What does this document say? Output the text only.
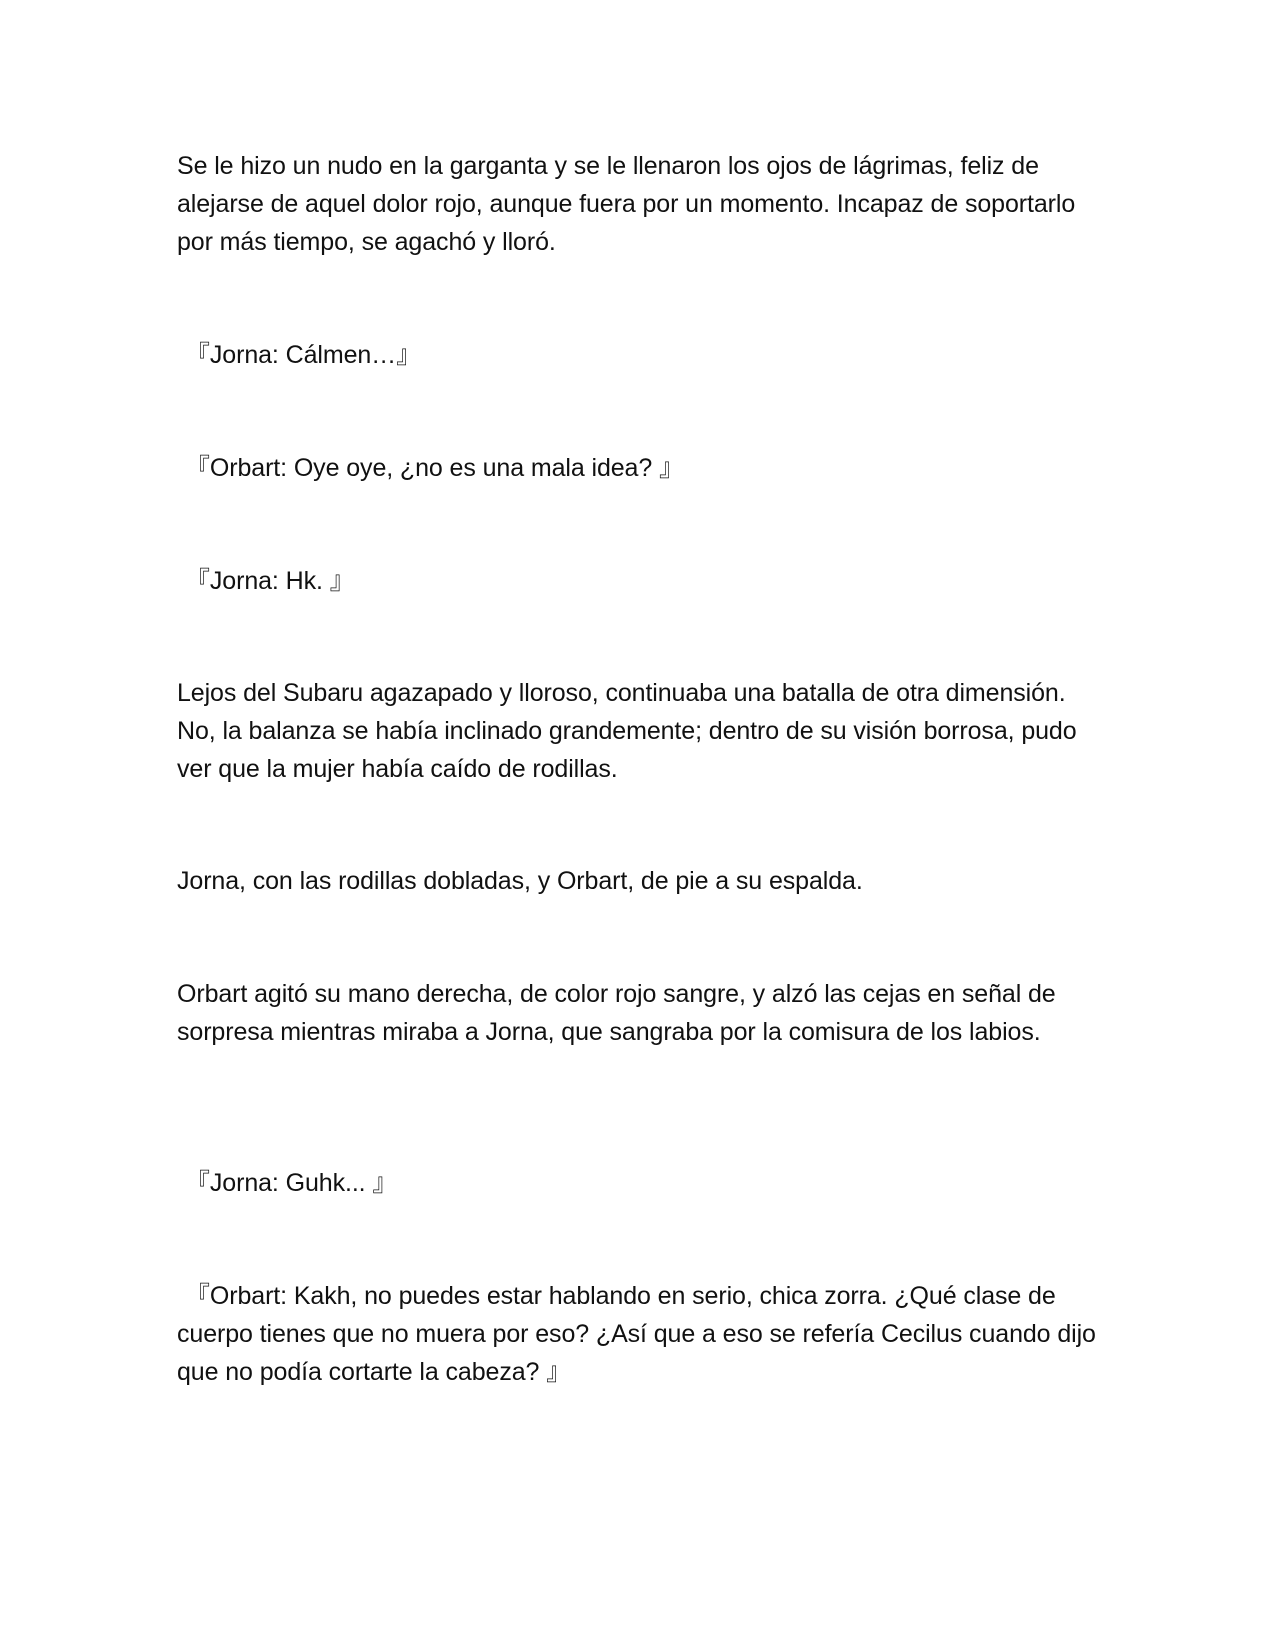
Se le hizo un nudo en la garganta y se le llenaron los ojos de lágrimas, feliz de alejarse de aquel dolor rojo, aunque fuera por un momento. Incapaz de soportarlo por más tiempo, se agachó y lloró.

『Jorna: Cálmen…』

『Orbart: Oye oye, ¿no es una mala idea? 』

『Jorna: Hk. 』

Lejos del Subaru agazapado y lloroso, continuaba una batalla de otra dimensión. No, la balanza se había inclinado grandemente; dentro de su visión borrosa, pudo ver que la mujer había caído de rodillas.

Jorna, con las rodillas dobladas, y Orbart, de pie a su espalda.

Orbart agitó su mano derecha, de color rojo sangre, y alzó las cejas en señal de sorpresa mientras miraba a Jorna, que sangraba por la comisura de los labios.

『Jorna: Guhk... 』

『Orbart: Kakh, no puedes estar hablando en serio, chica zorra. ¿Qué clase de cuerpo tienes que no muera por eso? ¿Así que a eso se refería Cecilus cuando dijo que no podía cortarte la cabeza? 』
